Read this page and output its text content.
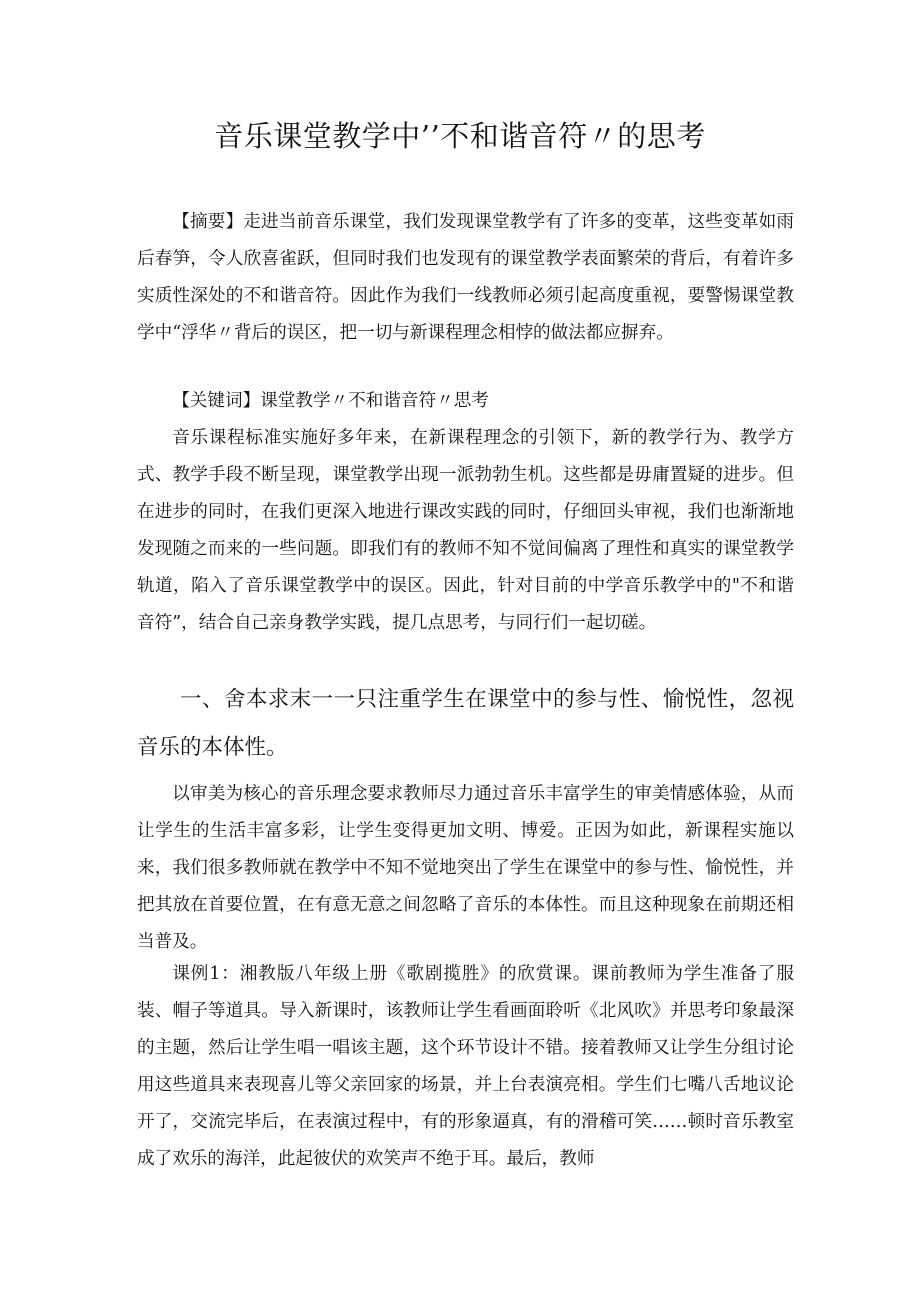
音乐课堂教学中’’不和谐音符〃的思考

【摘要】走进当前音乐课堂，我们发现课堂教学有了许多的变革，这些变革如雨后春笋，令人欣喜雀跃，但同时我们也发现有的课堂教学表面繁荣的背后，有着许多实质性深处的不和谐音符。因此作为我们一线教师必须引起高度重视，要警惕课堂教学中“浮华〃背后的误区，把一切与新课程理念相悖的做法都应摒弃。

【关键词】课堂教学〃不和谐音符〃思考

音乐课程标准实施好多年来，在新课程理念的引领下，新的教学行为、教学方式、教学手段不断呈现，课堂教学出现一派勃勃生机。这些都是毋庸置疑的进步。但在进步的同时，在我们更深入地进行课改实践的同时，仔细回头审视，我们也渐渐地发现随之而来的一些问题。即我们有的教师不知不觉间偏离了理性和真实的课堂教学轨道，陷入了音乐课堂教学中的误区。因此，针对目前的中学音乐教学中的"不和谐音符”，结合自己亲身教学实践，提几点思考，与同行们一起切磋。

一、舍本求末一一只注重学生在课堂中的参与性、愉悦性，忽视音乐的本体性。

以审美为核心的音乐理念要求教师尽力通过音乐丰富学生的审美情感体验，从而让学生的生活丰富多彩，让学生变得更加文明、博爱。正因为如此，新课程实施以来，我们很多教师就在教学中不知不觉地突出了学生在课堂中的参与性、愉悦性，并把其放在首要位置，在有意无意之间忽略了音乐的本体性。而且这种现象在前期还相当普及。

课例1：湘教版八年级上册《歌剧揽胜》的欣赏课。课前教师为学生准备了服装、帽子等道具。导入新课时，该教师让学生看画面聆听《北风吹》并思考印象最深的主题，然后让学生唱一唱该主题，这个环节设计不错。接着教师又让学生分组讨论用这些道具来表现喜儿等父亲回家的场景，并上台表演亮相。学生们七嘴八舌地议论开了，交流完毕后，在表演过程中，有的形象逼真，有的滑稽可笑……顿时音乐教室成了欢乐的海洋，此起彼伏的欢笑声不绝于耳。最后，教师
